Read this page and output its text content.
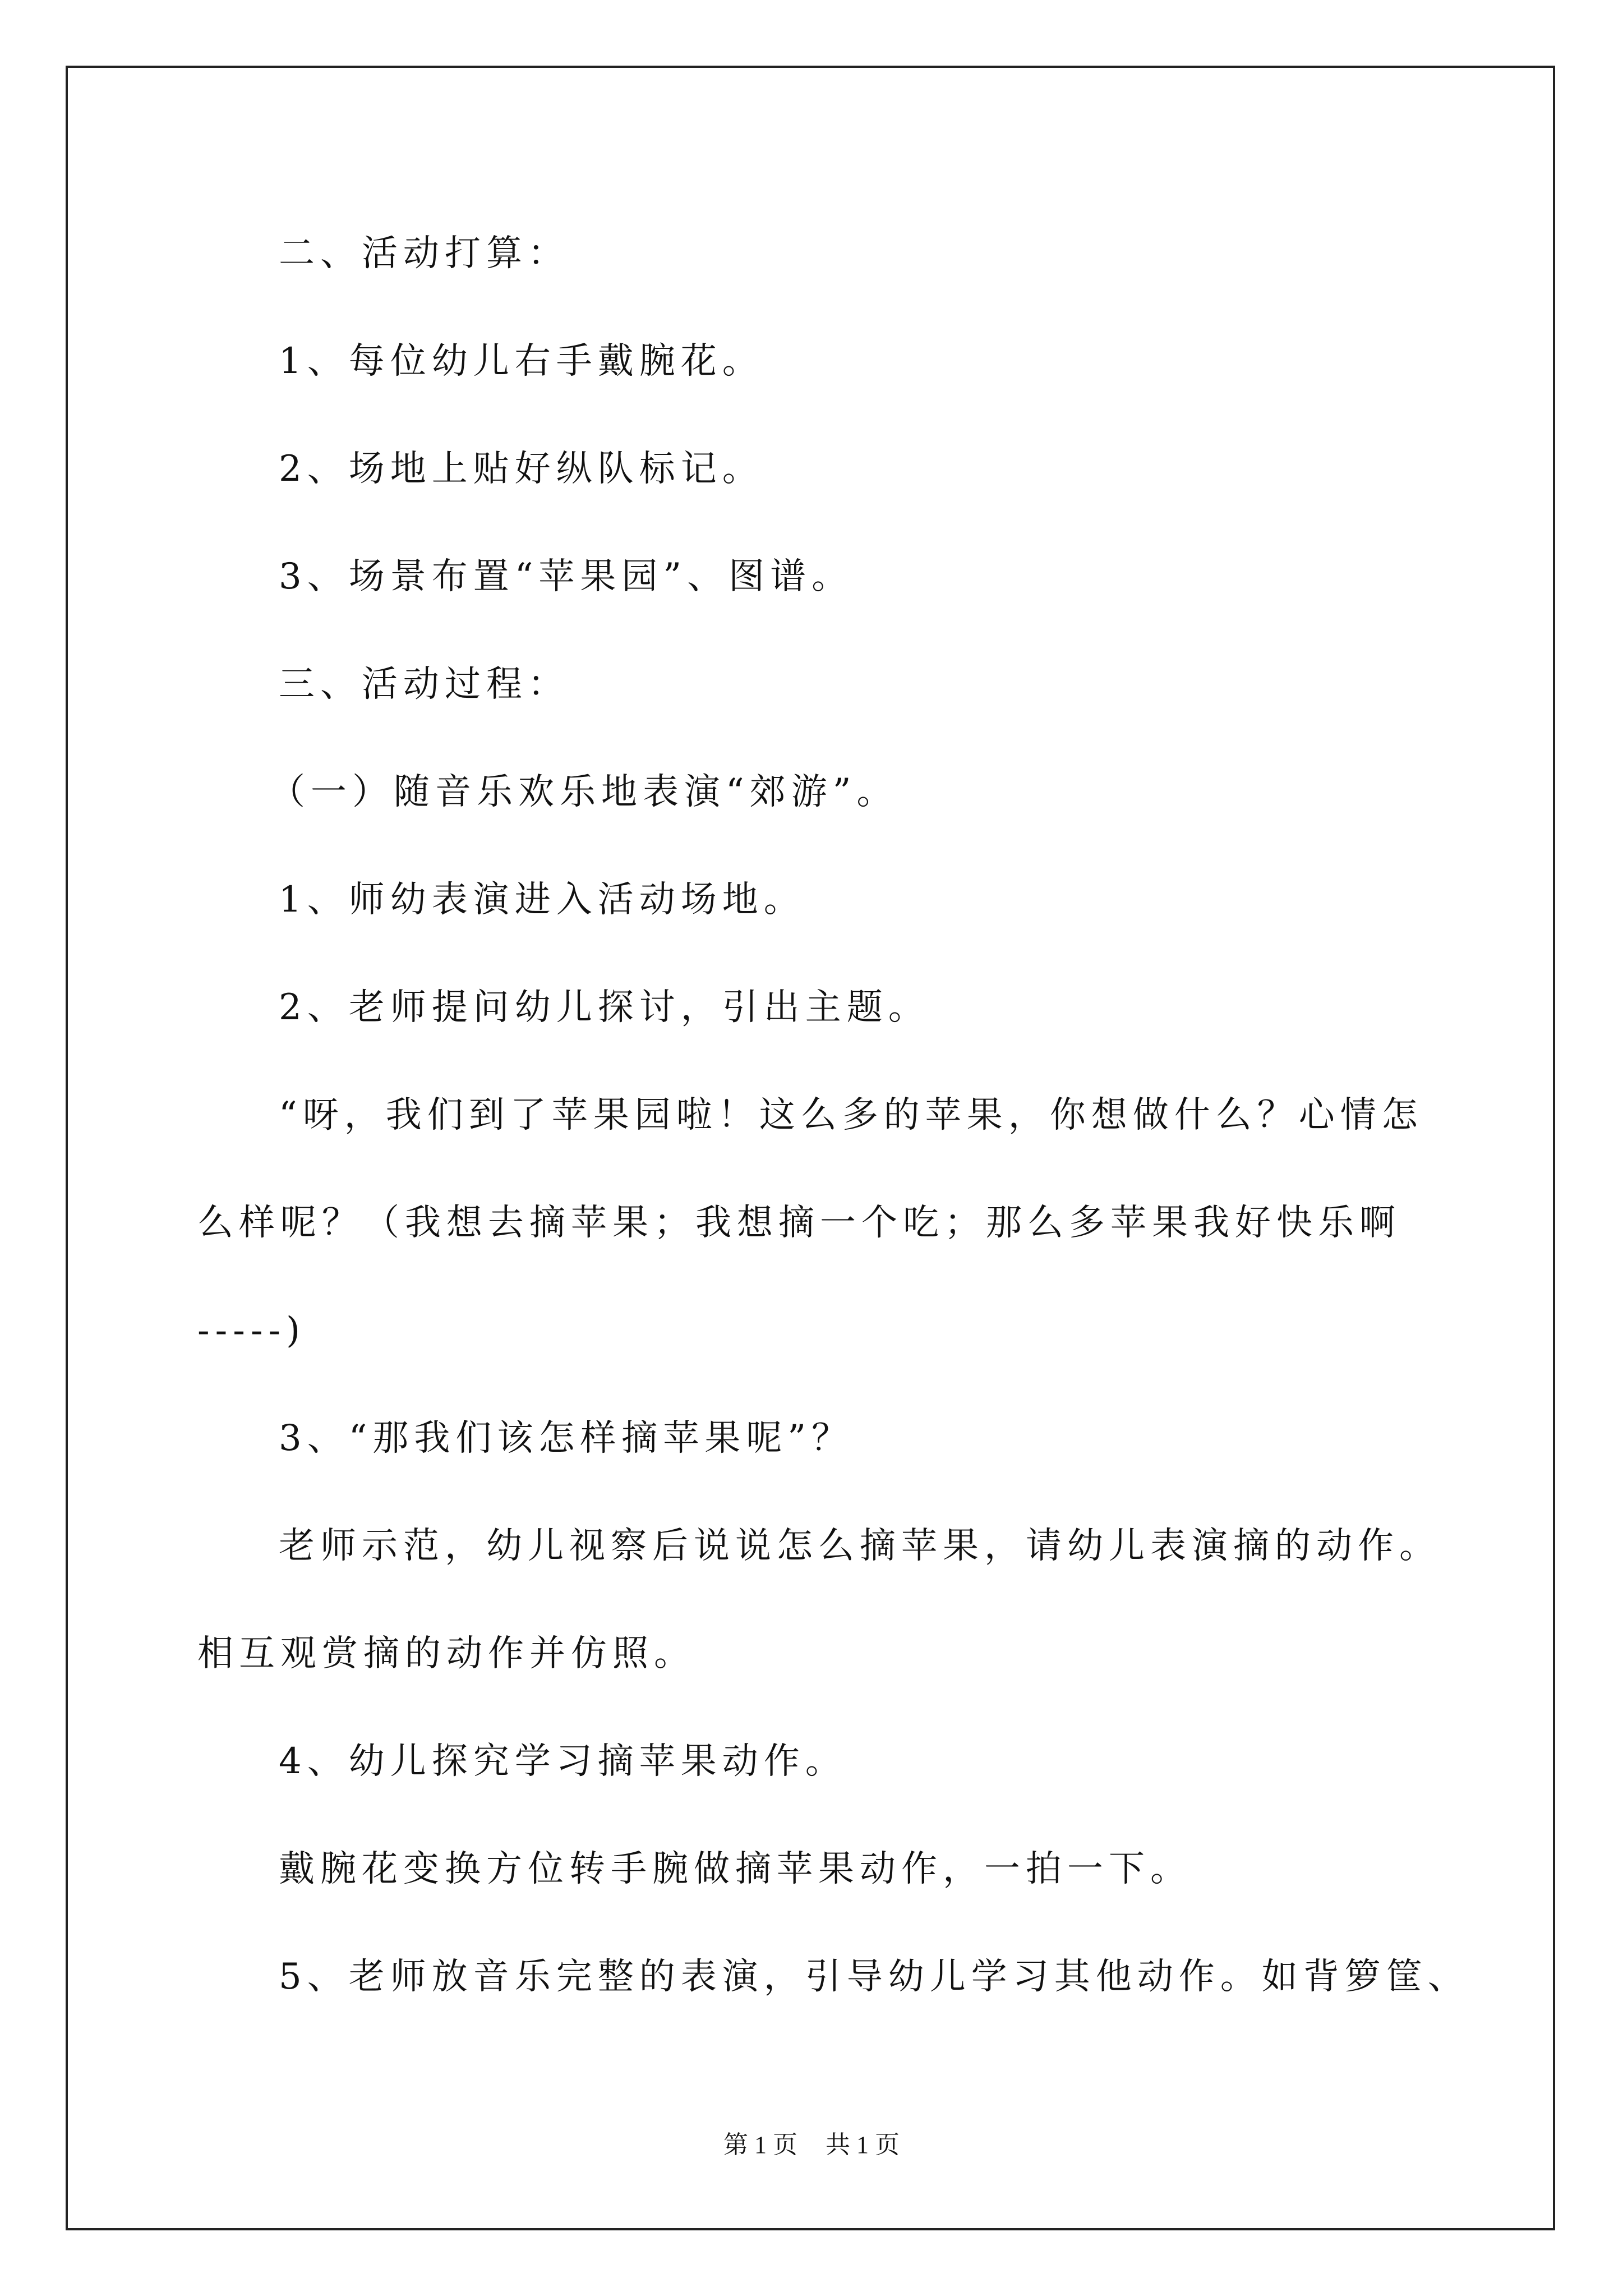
二、活动打算：
1、每位幼儿右手戴腕花。
2、场地上贴好纵队标记。
3、场景布置“苹果园”、图谱。
三、活动过程：
（一）随音乐欢乐地表演“郊游”。
1、师幼表演进入活动场地。
2、老师提问幼儿探讨，引出主题。
“呀，我们到了苹果园啦！这么多的苹果，你想做什么？心情怎
么样呢？（我想去摘苹果；我想摘一个吃；那么多苹果我好快乐啊
-----)
3、“那我们该怎样摘苹果呢”？
老师示范，幼儿视察后说说怎么摘苹果，请幼儿表演摘的动作。
相互观赏摘的动作并仿照。
4、幼儿探究学习摘苹果动作。
戴腕花变换方位转手腕做摘苹果动作，一拍一下。
5、老师放音乐完整的表演，引导幼儿学习其他动作。如背箩筐、
第 1 页 共 1 页
